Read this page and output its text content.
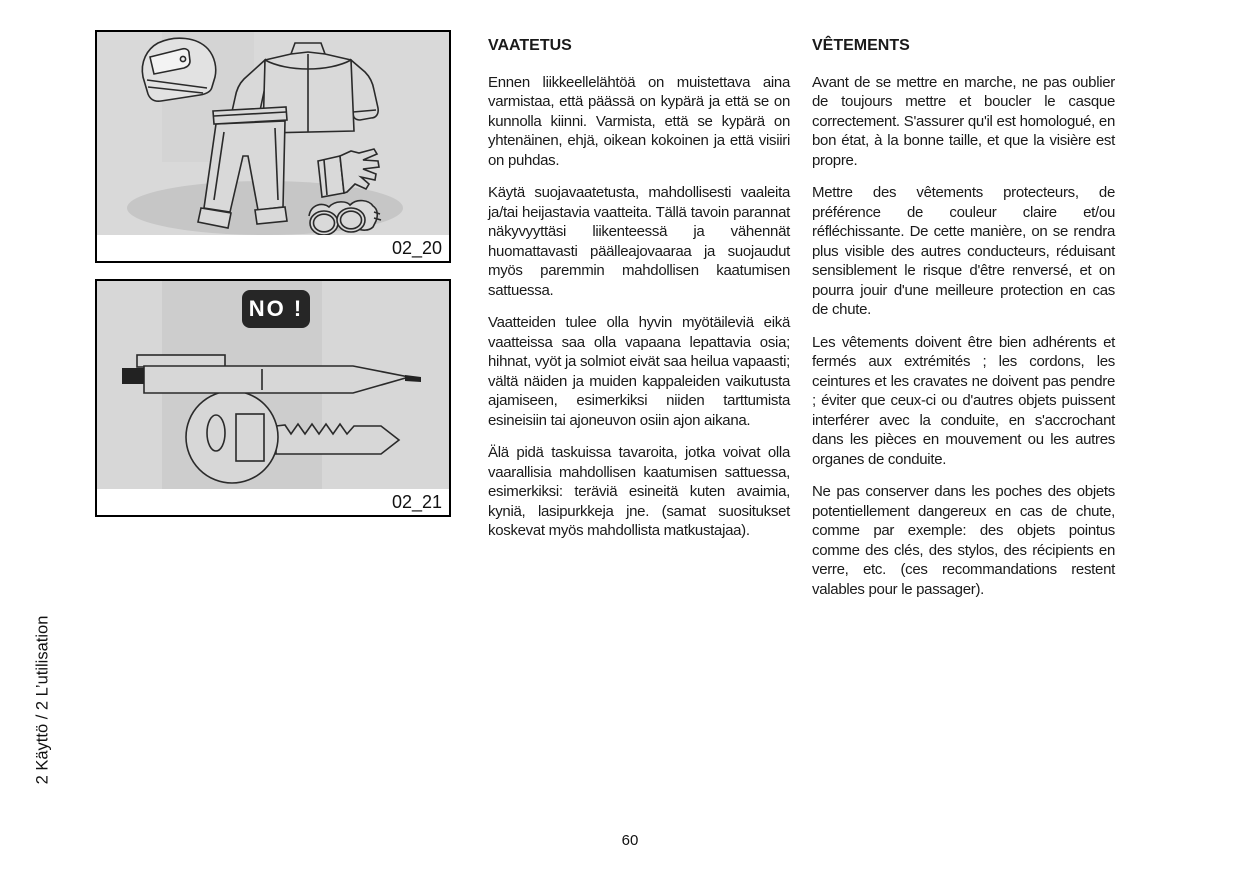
02_20
NO !
02_21
VAATETUS

Ennen liikkeellelähtöä on muistettava aina varmistaa, että päässä on kypärä ja että se on kunnolla kiinni. Varmista, että se kypärä on yhtenäinen, ehjä, oikean kokoinen ja että visiiri on puhdas.

Käytä suojavaatetusta, mahdollisesti vaaleita ja/tai heijastavia vaatteita. Tällä tavoin parannat näkyvyyttäsi liikenteessä ja vähennät huomattavasti päälleajovaaraa ja suojaudut myös paremmin mahdollisen kaatumisen sattuessa.

Vaatteiden tulee olla hyvin myötäileviä eikä vaatteissa saa olla vapaana lepattavia osia; hihnat, vyöt ja solmiot eivät saa heilua vapaasti; vältä näiden ja muiden kappaleiden vaikutusta ajamiseen, esimerkiksi niiden tarttumista esineisiin tai ajoneuvon osiin ajon aikana.

Älä pidä taskuissa tavaroita, jotka voivat olla vaarallisia mahdollisen kaatumisen sattuessa, esimerkiksi: teräviä esineitä kuten avaimia, kyniä, lasipurkkeja jne. (samat suositukset koskevat myös mahdollista matkustajaa).

VÊTEMENTS

Avant de se mettre en marche, ne pas oublier de toujours mettre et boucler le casque correctement. S'assurer qu'il est homologué, en bon état, à la bonne taille, et que la visière est propre.

Mettre des vêtements protecteurs, de préférence de couleur claire et/ou réfléchissante. De cette manière, on se rendra plus visible des autres conducteurs, réduisant sensiblement le risque d'être renversé, et on pourra jouir d'une meilleure protection en cas de chute.

Les vêtements doivent être bien adhérents et fermés aux extrémités ; les cordons, les ceintures et les cravates ne doivent pas pendre ; éviter que ceux-ci ou d'autres objets puissent interférer avec la conduite, en s'accrochant dans les pièces en mouvement ou les autres organes de conduite.

Ne pas conserver dans les poches des objets potentiellement dangereux en cas de chute, comme par exemple: des objets pointus comme des clés, des stylos, des récipients en verre, etc. (ces recommandations restent valables pour le passager).

2 Käyttö / 2 L’utilisation
60
